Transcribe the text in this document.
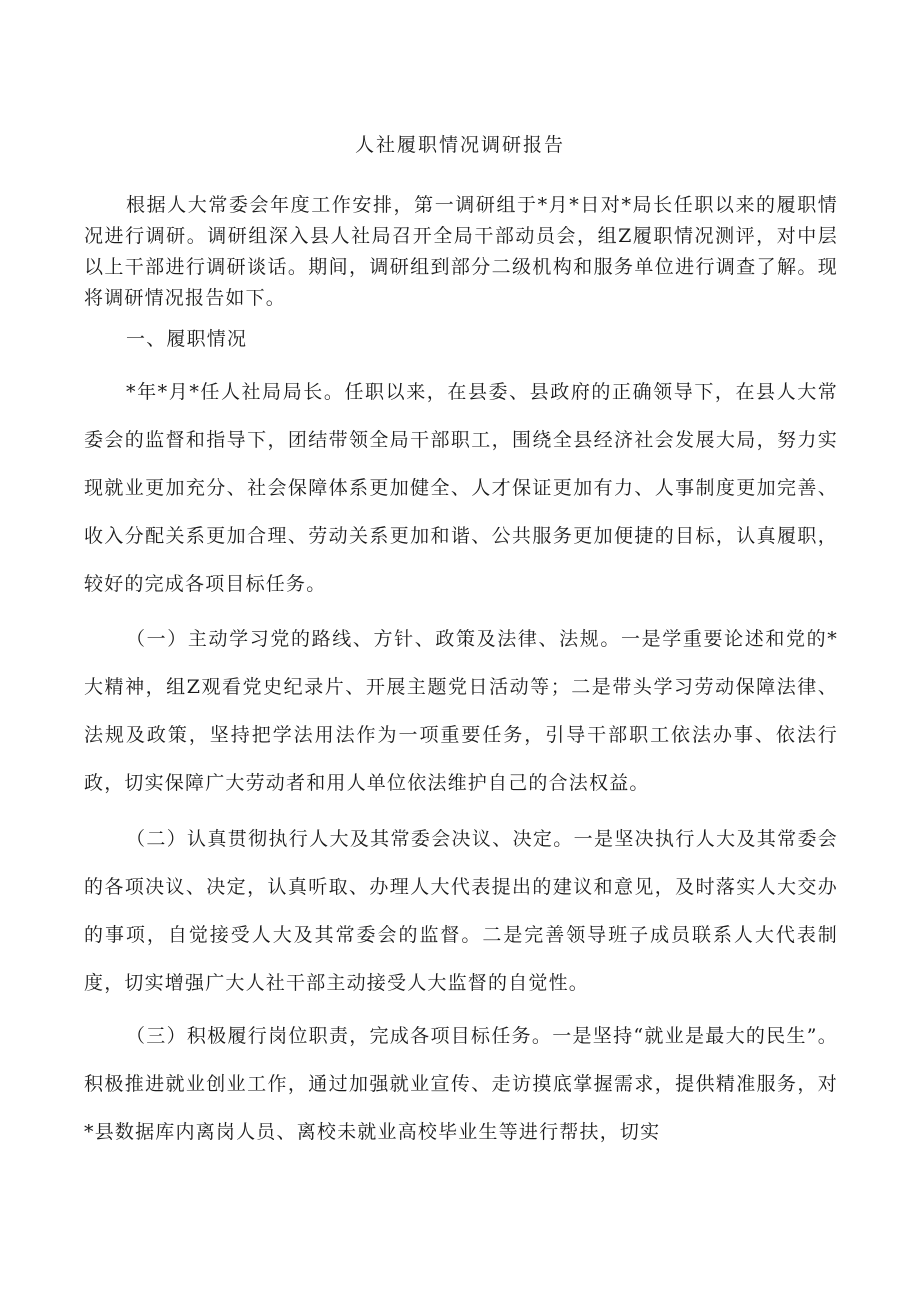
人社履职情况调研报告

根据人大常委会年度工作安排，第一调研组于*月*日对*局长任职以来的履职情况进行调研。调研组深入县人社局召开全局干部动员会，组Z履职情况测评，对中层以上干部进行调研谈话。期间，调研组到部分二级机构和服务单位进行调查了解。现将调研情况报告如下。

一、履职情况

*年*月*任人社局局长。任职以来，在县委、县政府的正确领导下，在县人大常委会的监督和指导下，团结带领全局干部职工，围绕全县经济社会发展大局，努力实现就业更加充分、社会保障体系更加健全、人才保证更加有力、人事制度更加完善、收入分配关系更加合理、劳动关系更加和谐、公共服务更加便捷的目标，认真履职，较好的完成各项目标任务。

（一）主动学习党的路线、方针、政策及法律、法规。一是学重要论述和党的*大精神，组Z观看党史纪录片、开展主题党日活动等；二是带头学习劳动保障法律、法规及政策，坚持把学法用法作为一项重要任务，引导干部职工依法办事、依法行政，切实保障广大劳动者和用人单位依法维护自己的合法权益。

（二）认真贯彻执行人大及其常委会决议、决定。一是坚决执行人大及其常委会的各项决议、决定，认真听取、办理人大代表提出的建议和意见，及时落实人大交办的事项，自觉接受人大及其常委会的监督。二是完善领导班子成员联系人大代表制度，切实增强广大人社干部主动接受人大监督的自觉性。

（三）积极履行岗位职责，完成各项目标任务。一是坚持“就业是最大的民生”。积极推进就业创业工作，通过加强就业宣传、走访摸底掌握需求，提供精准服务，对*县数据库内离岗人员、离校未就业高校毕业生等进行帮扶，切实
